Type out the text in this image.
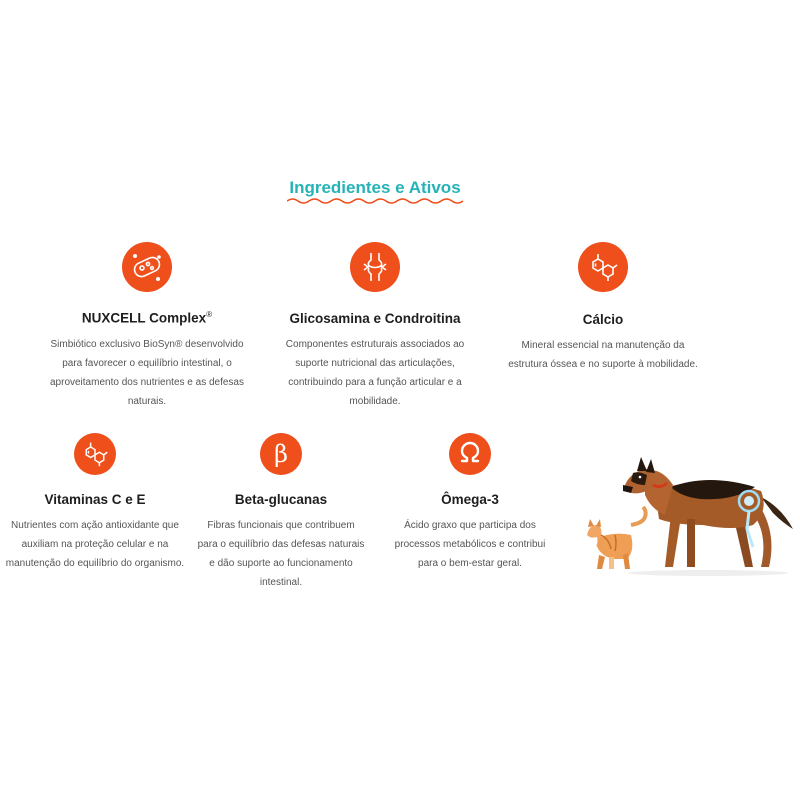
Ingredientes e Ativos
NUXCELL Complex®
Simbiótico exclusivo BioSyn® desenvolvido para favorecer o equilíbrio intestinal, o aproveitamento dos nutrientes e as defesas naturais.
Glicosamina e Condroitina
Componentes estruturais associados ao suporte nutricional das articulações, contribuindo para a função articular e a mobilidade.
Cálcio
Mineral essencial na manutenção da estrutura óssea e no suporte à mobilidade.
Vitaminas C e E
Nutrientes com ação antioxidante que auxiliam na proteção celular e na manutenção do equilíbrio do organismo.
β
Beta-glucanas
Fibras funcionais que contribuem para o equilíbrio das defesas naturais e dão suporte ao funcionamento intestinal.
Ômega-3
Ácido graxo que participa dos processos metabólicos e contribui para o bem-estar geral.
